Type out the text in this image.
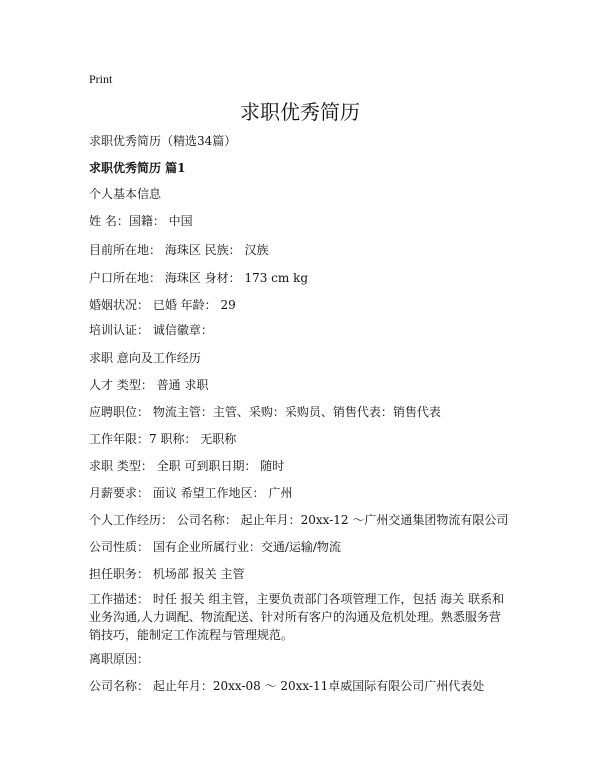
Print
求职优秀简历
求职优秀简历（精选34篇）
求职优秀简历 篇1
个人基本信息
姓 名：国籍： 中国
目前所在地： 海珠区 民族： 汉族
户口所在地： 海珠区 身材： 173 cm kg
婚姻状况： 已婚 年龄： 29
培训认证： 诚信徽章：
求职 意向及工作经历
人才 类型： 普通 求职
应聘职位： 物流主管：主管、采购：采购员、销售代表：销售代表
工作年限：7 职称： 无职称
求职 类型： 全职 可到职日期： 随时
月薪要求： 面议 希望工作地区： 广州
个人工作经历： 公司名称： 起止年月：20xx-12 ～广州交通集团物流有限公司
公司性质： 国有企业所属行业：交通/运输/物流
担任职务： 机场部 报关 主管
工作描述： 时任 报关 组主管，主要负责部门各项管理工作，包括 海关 联系和业务沟通,人力调配、物流配送、针对所有客户的沟通及危机处理。熟悉服务营销技巧，能制定工作流程与管理规范。
离职原因：
公司名称： 起止年月：20xx-08 ～ 20xx-11卓威国际有限公司广州代表处
